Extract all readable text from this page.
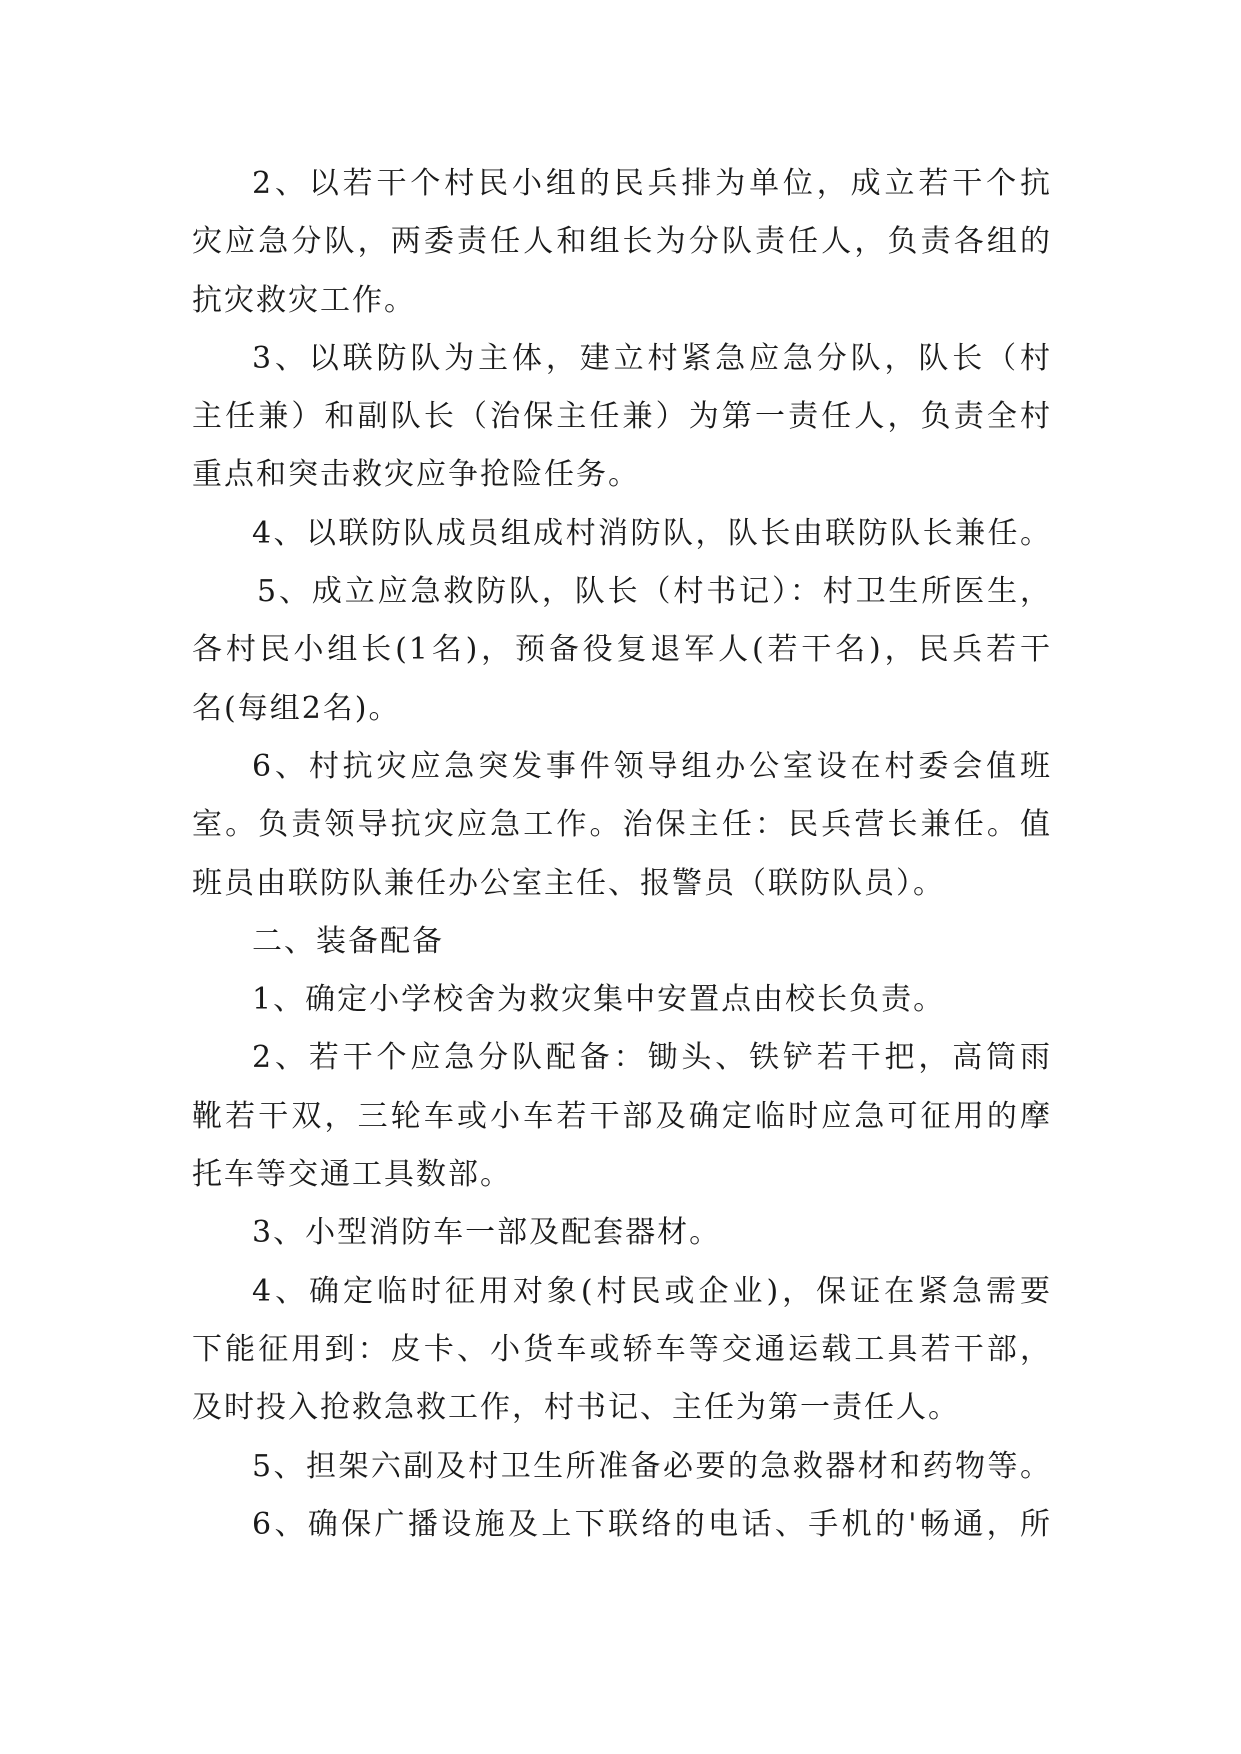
2、以若干个村民小组的民兵排为单位，成立若干个抗
灾应急分队，两委责任人和组长为分队责任人，负责各组的
抗灾救灾工作。
3、以联防队为主体，建立村紧急应急分队，队长（村
主任兼）和副队长（治保主任兼）为第一责任人，负责全村
重点和突击救灾应争抢险任务。
4、以联防队成员组成村消防队，队长由联防队长兼任。
5、成立应急救防队，队长（村书记）：村卫生所医生，
各村民小组长(1名)，预备役复退军人(若干名)，民兵若干
名(每组2名)。
6、村抗灾应急突发事件领导组办公室设在村委会值班
室。负责领导抗灾应急工作。治保主任：民兵营长兼任。值
班员由联防队兼任办公室主任、报警员（联防队员）。
二、装备配备
1、确定小学校舍为救灾集中安置点由校长负责。
2、若干个应急分队配备：锄头、铁铲若干把，高筒雨
靴若干双，三轮车或小车若干部及确定临时应急可征用的摩
托车等交通工具数部。
3、小型消防车一部及配套器材。
4、确定临时征用对象(村民或企业)，保证在紧急需要
下能征用到：皮卡、小货车或轿车等交通运载工具若干部，
及时投入抢救急救工作，村书记、主任为第一责任人。
5、担架六副及村卫生所准备必要的急救器材和药物等。
6、确保广播设施及上下联络的电话、手机的'畅通，所
